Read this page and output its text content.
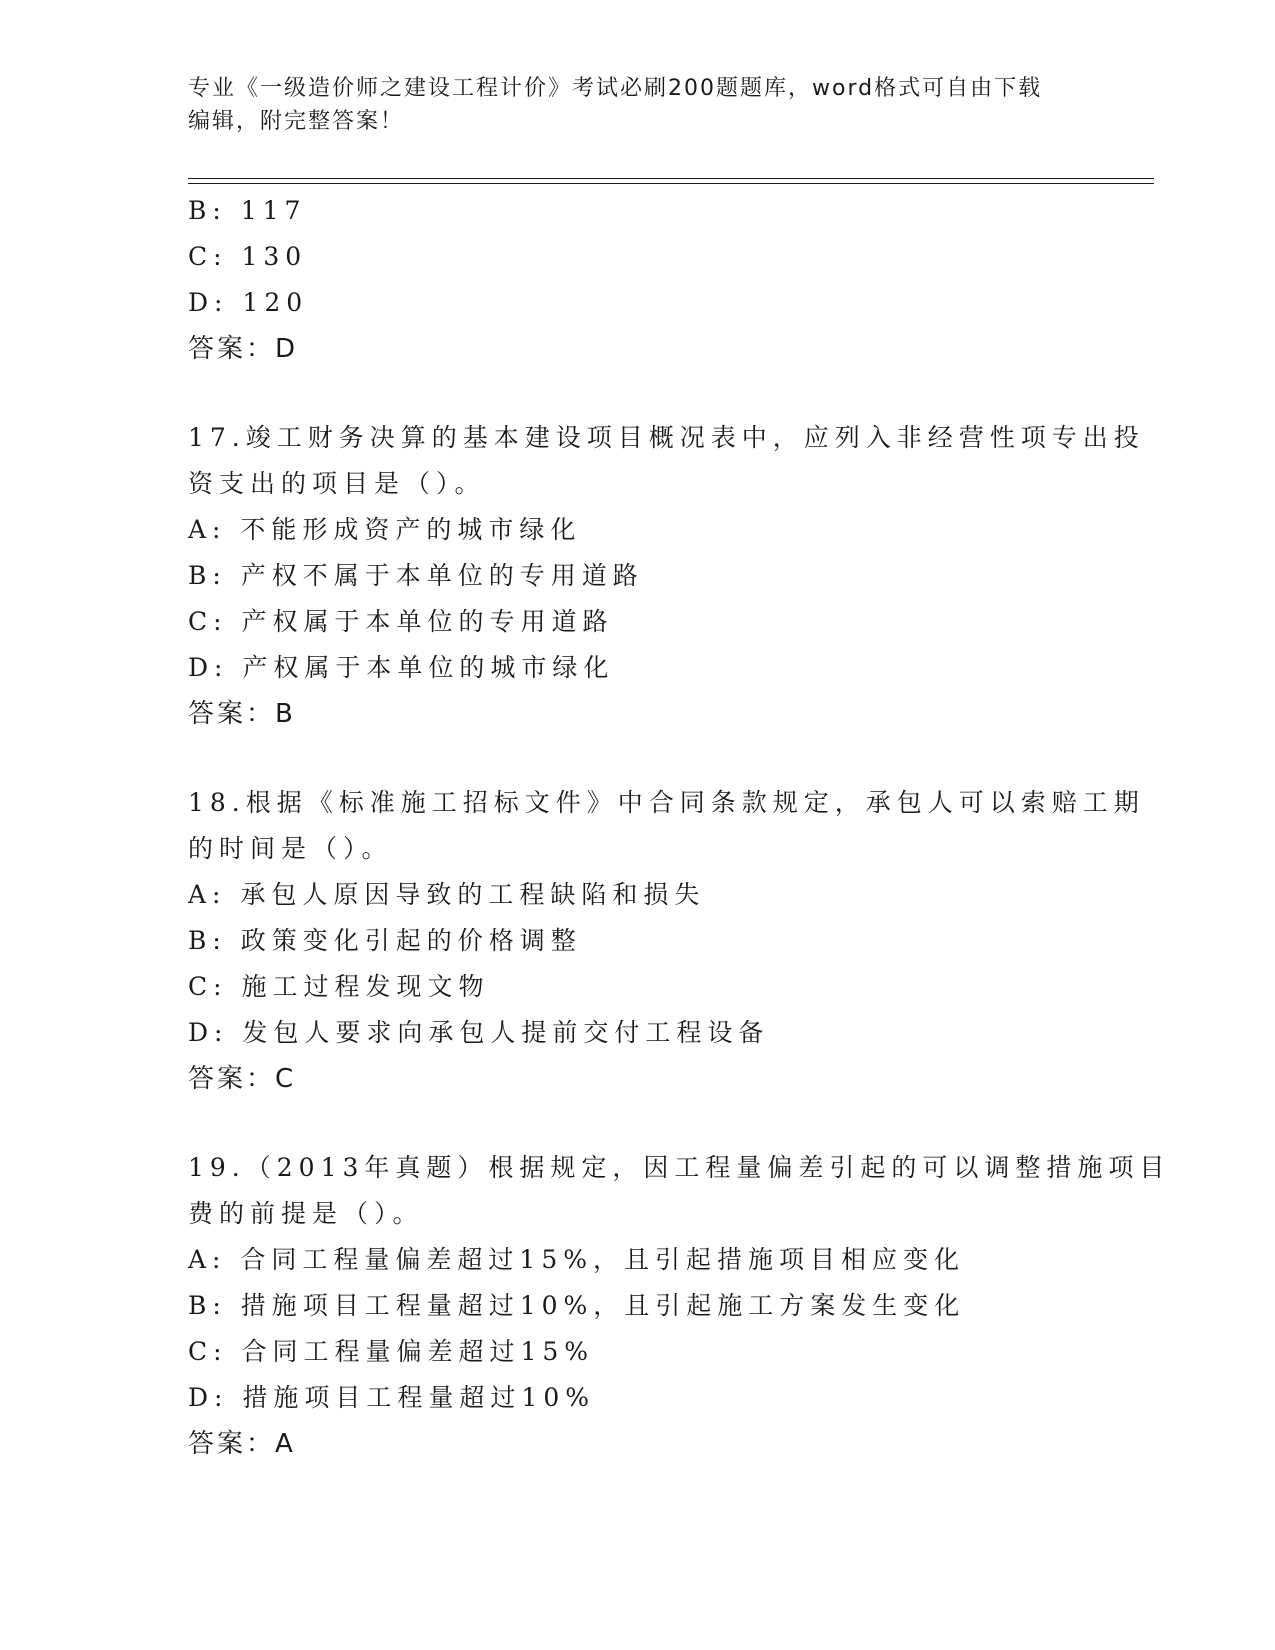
专业《一级造价师之建设工程计价》考试必刷200题题库，word格式可自由下载
编辑，附完整答案！
B: 117
C: 130
D: 120
答案：D
17.竣工财务决算的基本建设项目概况表中，应列入非经营性项专出投
资支出的项目是（）。
A: 不能形成资产的城市绿化
B: 产权不属于本单位的专用道路
C: 产权属于本单位的专用道路
D: 产权属于本单位的城市绿化
答案：B
18.根据《标准施工招标文件》中合同条款规定，承包人可以索赔工期
的时间是（）。
A: 承包人原因导致的工程缺陷和损失
B: 政策变化引起的价格调整
C: 施工过程发现文物
D: 发包人要求向承包人提前交付工程设备
答案：C
19.（2013年真题）根据规定，因工程量偏差引起的可以调整措施项目
费的前提是（）。
A: 合同工程量偏差超过15%，且引起措施项目相应变化
B: 措施项目工程量超过10%，且引起施工方案发生变化
C: 合同工程量偏差超过15%
D: 措施项目工程量超过10%
答案：A
